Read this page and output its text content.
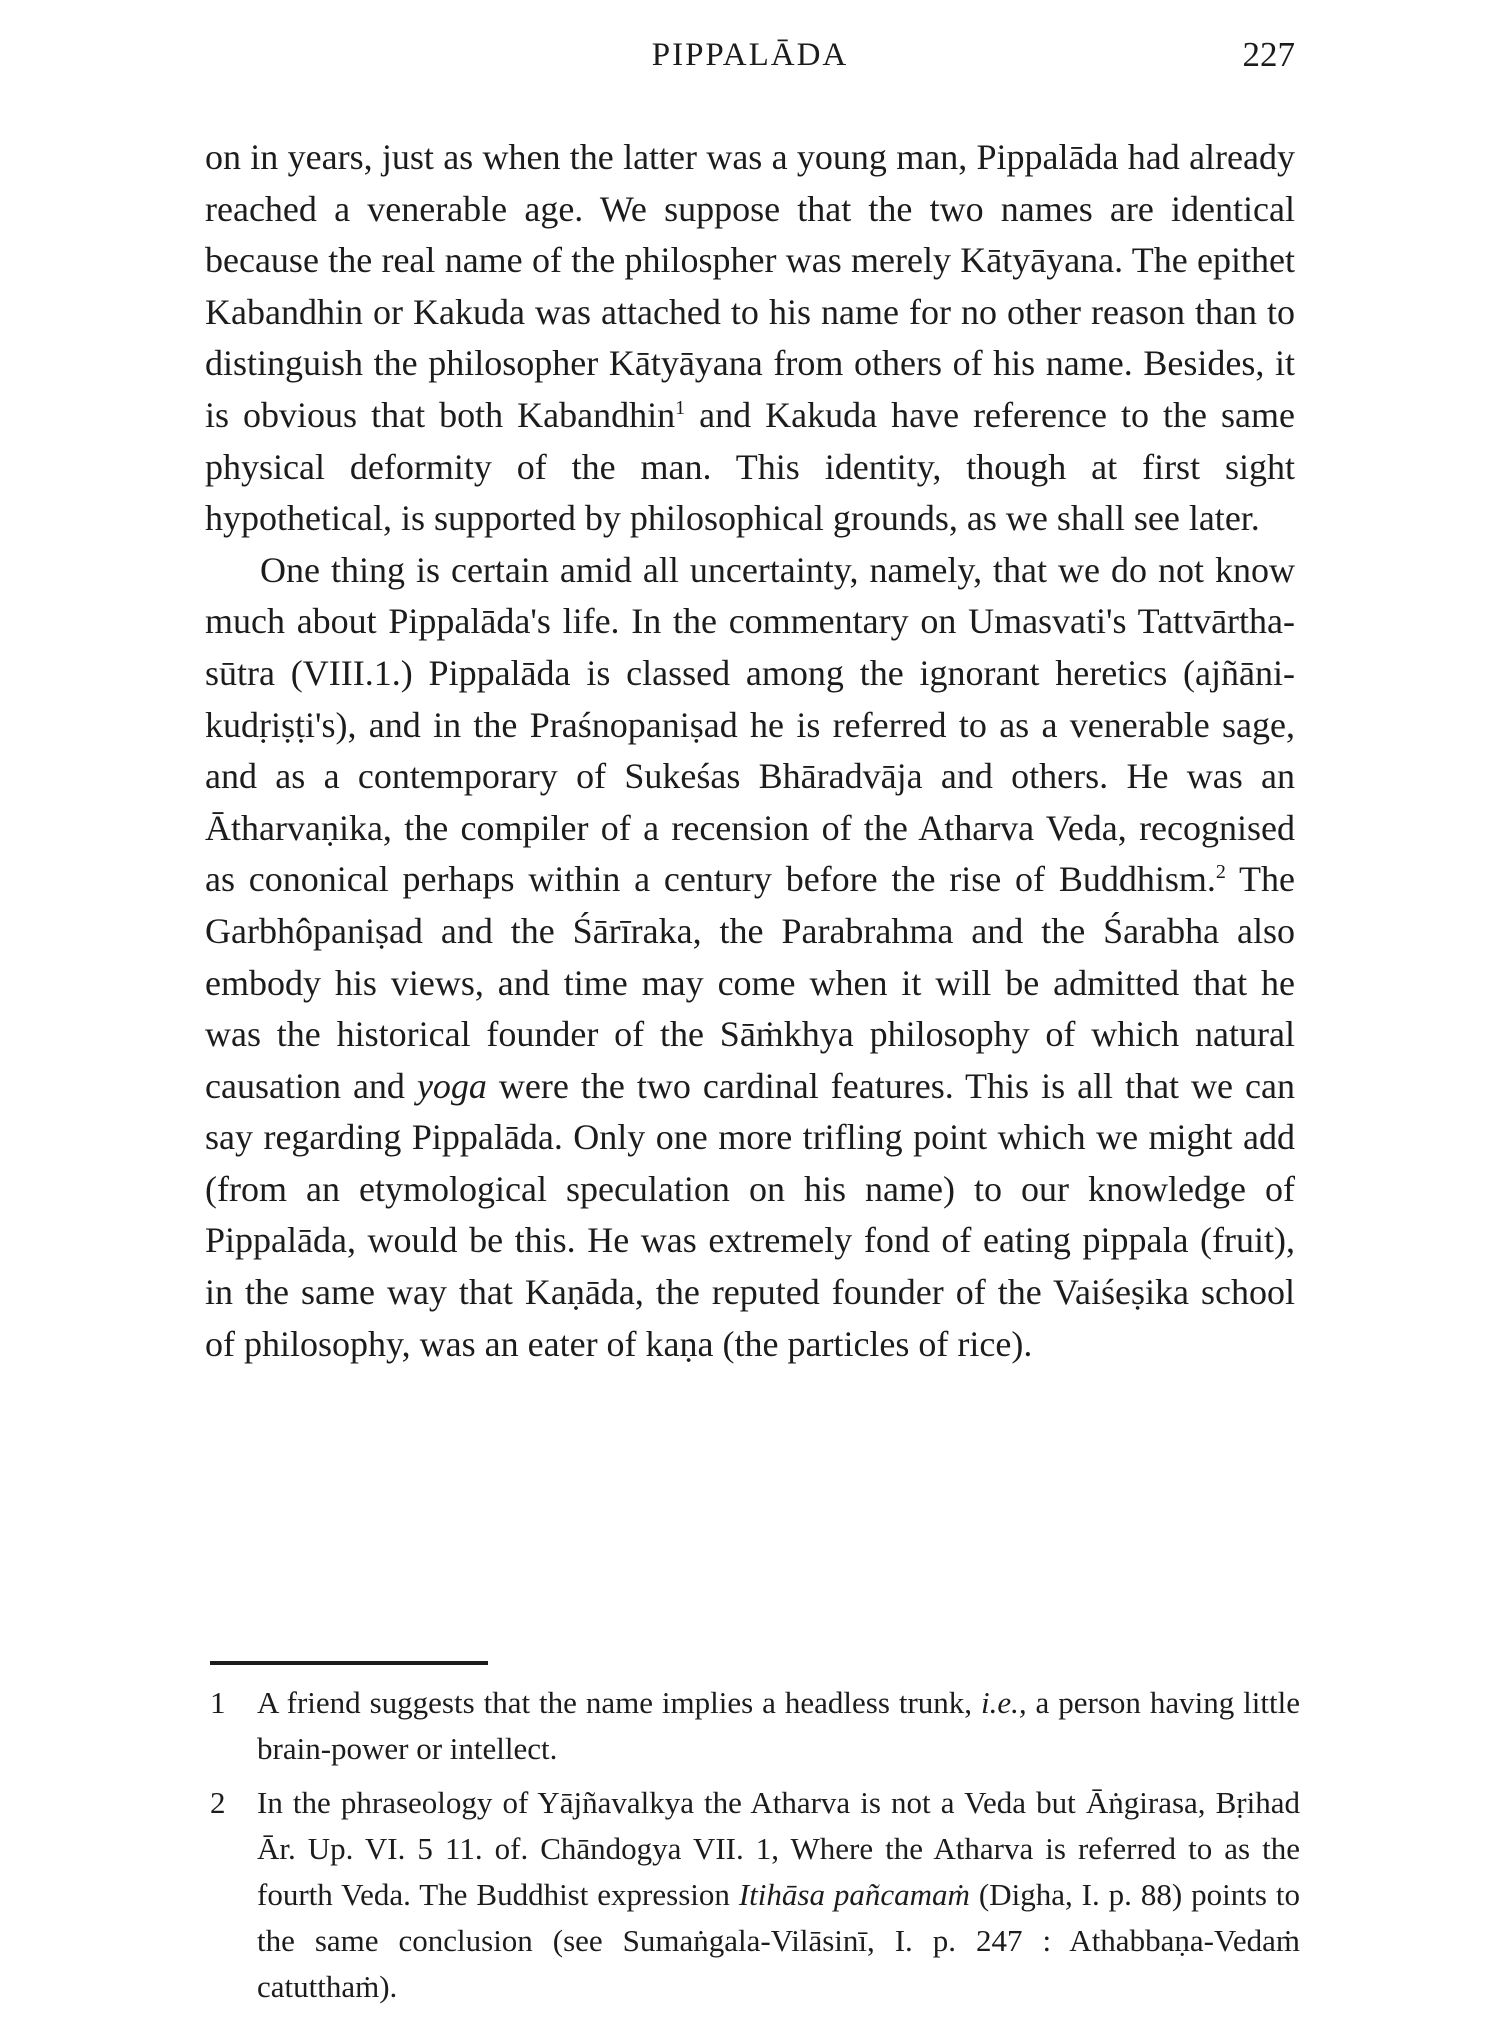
PIPPALĀDA	227

on in years, just as when the latter was a young man, Pippalāda had already reached a venerable age. We suppose that the two names are identical because the real name of the philospher was merely Kātyāyana. The epithet Kabandhin or Kakuda was attached to his name for no other reason than to distinguish the philosopher Kātyāyana from others of his name. Besides, it is obvious that both Kabandhin$^1$ and Kakuda have reference to the same physical deformity of the man. This identity, though at first sight hypothetical, is supported by philosophical grounds, as we shall see later.

One thing is certain amid all uncertainty, namely, that we do not know much about Pippalāda's life. In the commentary on Umasvati's Tattvārtha-sūtra (VIII.1.) Pippalāda is classed among the ignorant heretics (ajñāni-kudṛiṣṭi's), and in the Praśnopaniṣad he is referred to as a venerable sage, and as a contemporary of Sukeśas Bhāradvāja and others. He was an Ātharvaṇika, the compiler of a recension of the Atharva Veda, recognised as cononical perhaps within a century before the rise of Buddhism.$^2$ The Garbhôpaniṣad and the Śārīraka, the Parabrahma and the Śarabha also embody his views, and time may come when it will be admitted that he was the historical founder of the Sāṁkhya philosophy of which natural causation and yoga were the two cardinal features. This is all that we can say regarding Pippalāda. Only one more trifling point which we might add (from an etymological speculation on his name) to our knowledge of Pippalāda, would be this. He was extremely fond of eating pippala (fruit), in the same way that Kaṇāda, the reputed founder of the Vaiśeṣika school of philosophy, was an eater of kaṇa (the particles of rice).

1 A friend suggests that the name implies a headless trunk, i.e., a person having little brain-power or intellect.

2 In the phraseology of Yājñavalkya the Atharva is not a Veda but Āṅgirasa, Bṛihad Ār. Up. VI. 5 11. of. Chāndogya VII. 1, Where the Atharva is referred to as the fourth Veda. The Buddhist expression Itihāsa pañcamaṁ (Digha, I. p. 88) points to the same conclusion (see Sumaṅgala-Vilāsinī, I. p. 247 : Athabbaṇa-Vedaṁ catutthaṁ).
